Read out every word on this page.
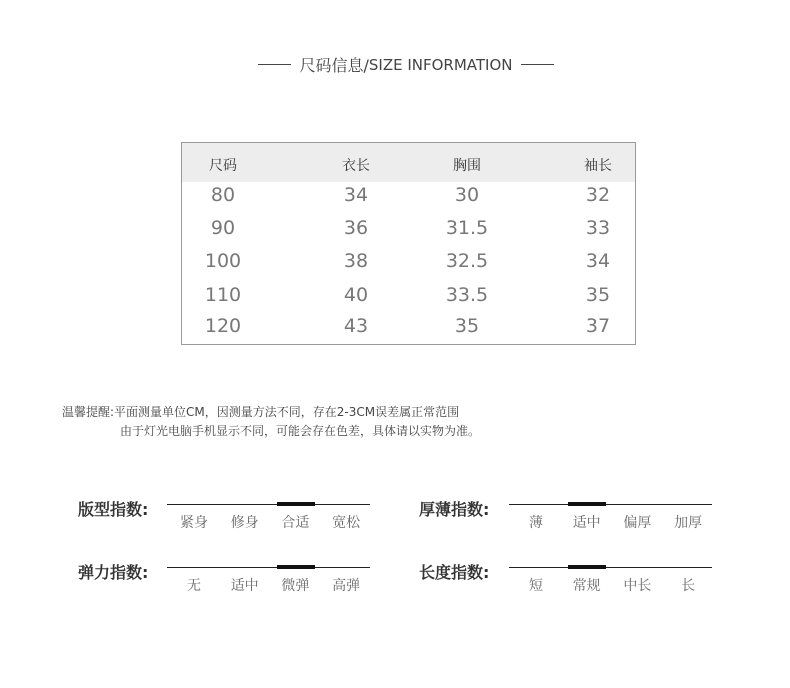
尺码信息/ SIZE INFORMATION
尺码	衣长	胸围	袖长
80	34	30	32
90	36	31.5	33
100	38	32.5	34
110	40	33.5	35
120	43	35	37
温馨提醒:平面测量单位CM，因测量方法不同，存在2-3CM误差属正常范围
由于灯光电脑手机显示不同，可能会存在色差，具体请以实物为准。
版型指数:
紧身 修身 合适 宽松
厚薄指数:
薄 适中 偏厚 加厚
弹力指数:
无 适中 微弹 高弹
长度指数:
短 常规 中长 长
